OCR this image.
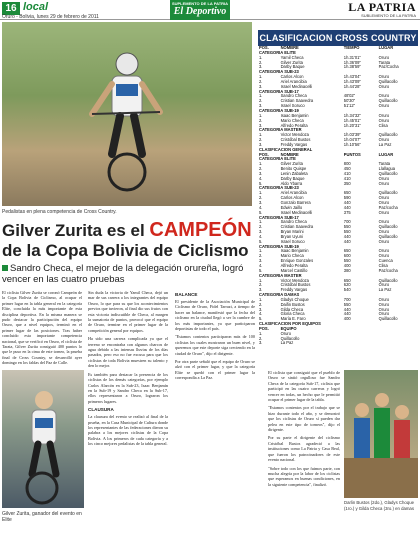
16 local
Oruro - Bolivia, lunes 29 de febrero de 2011
SUPLEMENTO DE LA PATRIA
El Deportivo	LA PATRIA
SUBLEMENTO DE LA PATRIA
Pedalistas en plena competencia de Cross Country.
Gilver Zurita es el CAMPEÓN
de la Copa Bolivia de Ciclismo
Sandro Checa, el mejor de la delegación orureña, logró vencer en las cuatro pruebas

El ciclista Gilver Zurita se coronó Campeón de la Copa Bolivia de Ciclismo, al ocupar el primer lugar en la tabla general en la categoría Elite, concluida la más importante de esta disciplina deportiva. En la misma manera se pudo destacar la participación del equipo Oruro, que a nivel equipos, terminó en el primer lugar de las posiciones. Tras haber concluido esta importante competencia nacional, que se verificó en Oruro, el ciclista de Tarata, Gilver Zurita consiguió 400 puntos lo que le puso en la cima de este torneo, la prueba final de Cross Country, se desarrolló ayer domingo en los faldas del Paz de Calle.

Sin duda la victoria de Yamil Checa, dejó un mar de sus carrera a los integrantes del equipo Oruro, lo que para su que los acontecimientos previos que tuvieron, al final dio sus frutos con esta victoria indiscutible de Checa, al margen la sumatoria de puntos, provocó que el equipo de Oruro, termine en el primer lugar de la competición general por equipos.

Ha sido una carrera complicada ya que el terreno se encontraba con algunos charcos de agua debido a las intensas lluvias de los días pasados, pero eso no fue excusa para que los ciclistas de toda Bolivia muestren su talento y den lo mejor.

Es también para destacar la presencia de los ciclistas de los demás categorías, por ejemplo Carlos Alarcón en la Sub-23, Isaac Benjamín en la Sub-19 y Sandro Checa en la Sub-17, ellos representaron a Oruro, lograron los primeros lugares.

CLAUSURA

La clausura del evento se realizó al final de la prueba, en la Casa Municipal de Cultura donde los representantes de las federaciones dieron su palabra a los mejores ciclistas de la Copa Bolivia. A los primeros de cada categoría y a los cinco mejores pedalistas de la tabla general.

BALANCE

El presidente de la Asociación Municipal de Ciclismo de Oruro, Fidel Tarrazi, a tiempo de hacer un balance, manifestó que la fecha del ciclismo en la ciudad llegó a ser la cumbre de los más importantes, ya que participaron deportistas de todo el país.

"Estamos contentos participaron más de 100 ciclistas los cuales mostraron un buen nivel, y queremos que este deporte siga creciendo en la ciudad de Oruro", dijo el dirigente.

Por otra parte señaló que el equipo de Oruro se alzó con el primer lugar, y que la categoría Elite se quedó con el primer lugar la correspondía a La Paz.

El ciclista que consiguió que el pueblo de Oruro se sintió orgulloso fue Sandro Checa de la categoría Sub-17, ciclista que participó en las cuatro carreras y logró vencer en todas, un hecho que le permitió ocupar el primer lugar de la tabla.

"Estamos contentos por el trabajo que se hizo durante todo el año, y se demostró que los ciclistas de Oruro sí pueden dar pelea en este tipo de torneos", dijo el dirigente.

Por su parte el dirigente del ciclismo Cristóbal Bustos agradeció a las instituciones como La Patria y Casa Beal, que fueron los patrocinadores de este evento nacional.

"Sobre todo con los que fuimos parte, con mucha alegría por la labor de los ciclistas que esperamos en buenas condiciones, en la siguiente competencia", finalizó.

Gilver Zurita, ganador del evento en Elite
CLASIFICACION CROSS COUNTRY
POS.	NOMBRE	TIEMPO	LUGAR
CATEGORIA ELITE			
1.	Yamil Checa	1h.31'01"	Oruro
2.	Gilver Zurita	1h.36'09"	Tarata
3.	Darby Baque	1h.38'59"	Paz/Cocha
CATEGORIA SUB-23			
1.	Carlos Alcon	1h.43'04"	Oruro
2.	Ariel Arancibia	1h.43'09"	Quillacollo
3.	Israel Medinacelli	1h.44'28"	Oruro
CATEGORIA SUB-17			
1.	Sandro Checa	48'02"	Oruro
2.	Cristian Saavedra	50'30"	Quillacollo
3.	Israel Soruco	51'12"	Oruro
CATEGORIA SUB-19			
1.	Isaac Benjamin	1h.34'32"	Oruro
2.	Mario Checa	1h.45'01"	Oruro
3.	Alfredo Peralta	1h.20'31"	Clisa
CATEGORIA MASTER			
1.	Victor Mendoza	1h.03'39"	Quillacollo
2.	Cristóbal Bustos	1h.04'07"	Oruro
3.	Freddy Vargas	1h.10'56"	La Paz
CLASIFICACION GENERAL			
POS.	NOMBRE	PUNTOS	LUGAR
CATEGORIA ELITE			
1.	Gilver Zurita	800	Tarata
2.	Benito Quispe	450	Llallagua
3.	Lenin Zabaleta	410	Quillacollo
4.	Darby Baque	410	Oruro
5.	Aldo Ybarra	350	Oruro
CATEGORIA SUB-23			
1.	Ariel Arancibia	650	Quillacollo
2.	Carlos Alcon	590	Oruro
3.	Gonzalo Barrera	440	Oruro
4.	Edwin Jaillo	440	Paz/cocha
5.	Israel Medinacelli	375	Oruro
CATEGORIA SUB-17			
1.	Sandro Checa	700	Oruro
2.	Cristian Saavedra	550	Quillacollo
3.	Bryan Marini	550	Oruro
4.	Bryan Uyuni	440	Quillacollo
5.	Israel Soruco	440	Oruro
CATEGORIA SUB-19			
1.	Isaac Benjamin	650	Oruro
2.	Mario Checa	600	Oruro
3.	Enrique Gonzales	550	Cuenca
4.	Alfredo Peralta	400	Clisa
5.	Marcel Castillo	380	Paz/cocha
CATEGORIA MASTER			
1.	Victor Mendoza	650	Quillacollo
2.	Cristóbal Bustos	620	Oruro
3.	Freddy Vargas	540	La Paz
CATEGORIA DAMAS			
1.	Gladys Choque	700	Oruro
2.	Daifin Bustos	550	Oruro
3.	Gilda Checa	440	Oruro
4.	Gloria Checa	440	Oruro
5.	María E. Faro	400	Quillacollo
CLASIFICACION POR EQUIPOS			
POS.	EQUIPO		
1.	Oruro		
2.	Quillacollo		
3.	La Paz		
Darlin Bustos (2do.), Gladys Choque (1ro.) y Gilda Checa (3ro.) en damas
